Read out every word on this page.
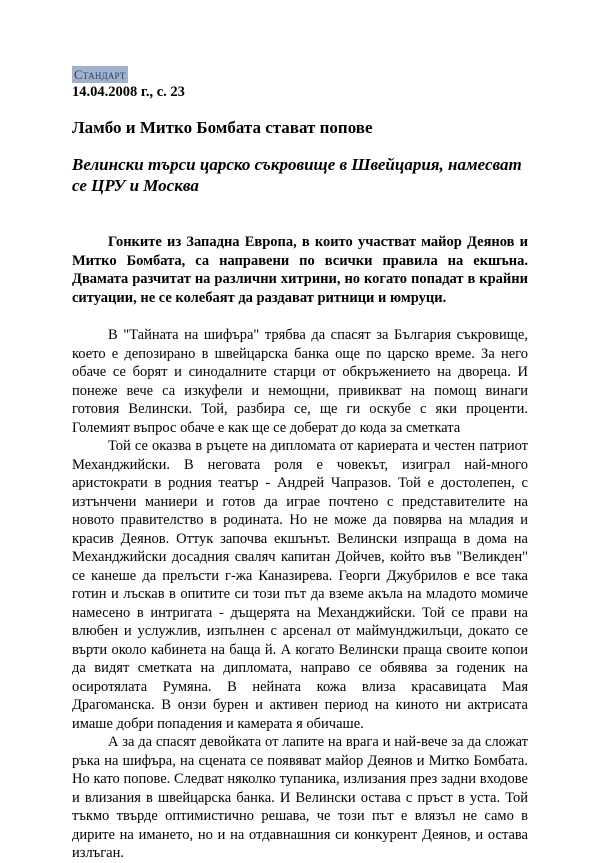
Стандарт
14.04.2008 г., с. 23
Ламбо и Митко Бомбата стават попове
Велински търси царско съкровище в Швейцария, намесват се ЦРУ и Москва

Гонките из Западна Европа, в които участват майор Деянов и Митко Бомбата, са направени по всички правила на екшъна. Двамата разчитат на различни хитрини, но когато попадат в крайни ситуации, не се колебаят да раздават ритници и юмруци.

В "Тайната на шифъра" трябва да спасят за България съкровище, което е депозирано в швейцарска банка още по царско време. За него обаче се борят и синодалните старци от обкръжението на двореца. И понеже вече са изкуфели и немощни, привикват на помощ винаги готовия Велински. Той, разбира се, ще ги оскубе с яки проценти. Големият въпрос обаче е как ще се доберат до кода за сметката

Той се оказва в ръцете на дипломата от кариерата и честен патриот Механджийски. В неговата роля е човекът, изиграл най-много аристократи в родния театър - Андрей Чапразов. Той е достолепен, с изтънчени маниери и готов да играе почтено с представителите на новото правителство в родината. Но не може да повярва на младия и красив Деянов. Оттук започва екшънът. Велински изпраща в дома на Механджийски досадния сваляч капитан Дойчев, който във "Великден" се канеше да прелъсти г-жа Каназирева. Георги Джубрилов е все така готин и лъскав в опитите си този път да вземе акъла на младото момиче намесено в интригата - дъщерята на Механджийски. Той се прави на влюбен и услужлив, изпълнен с арсенал от маймунджилъци, докато се върти около кабинета на баща й. А когато Велински праща своите копои да видят сметката на дипломата, направо се обявява за годеник на осиротялата Румяна. В нейната кожа влиза красавицата Мая Драгоманска. В онзи бурен и активен период на киното ни актрисата имаше добри попадения и камерата я обичаше.

А за да спасят девойката от лапите на врага и най-вече за да сложат ръка на шифъра, на сцената се появяват майор Деянов и Митко Бомбата. Но като попове. Следват няколко тупаника, излизания през задни входове и влизания в швейцарска банка. И Велински остава с пръст в уста. Той тъкмо твърде оптимистично решава, че този път е влязъл не само в дирите на имането, но и на отдавнашния си конкурент Деянов, и остава излъган.
